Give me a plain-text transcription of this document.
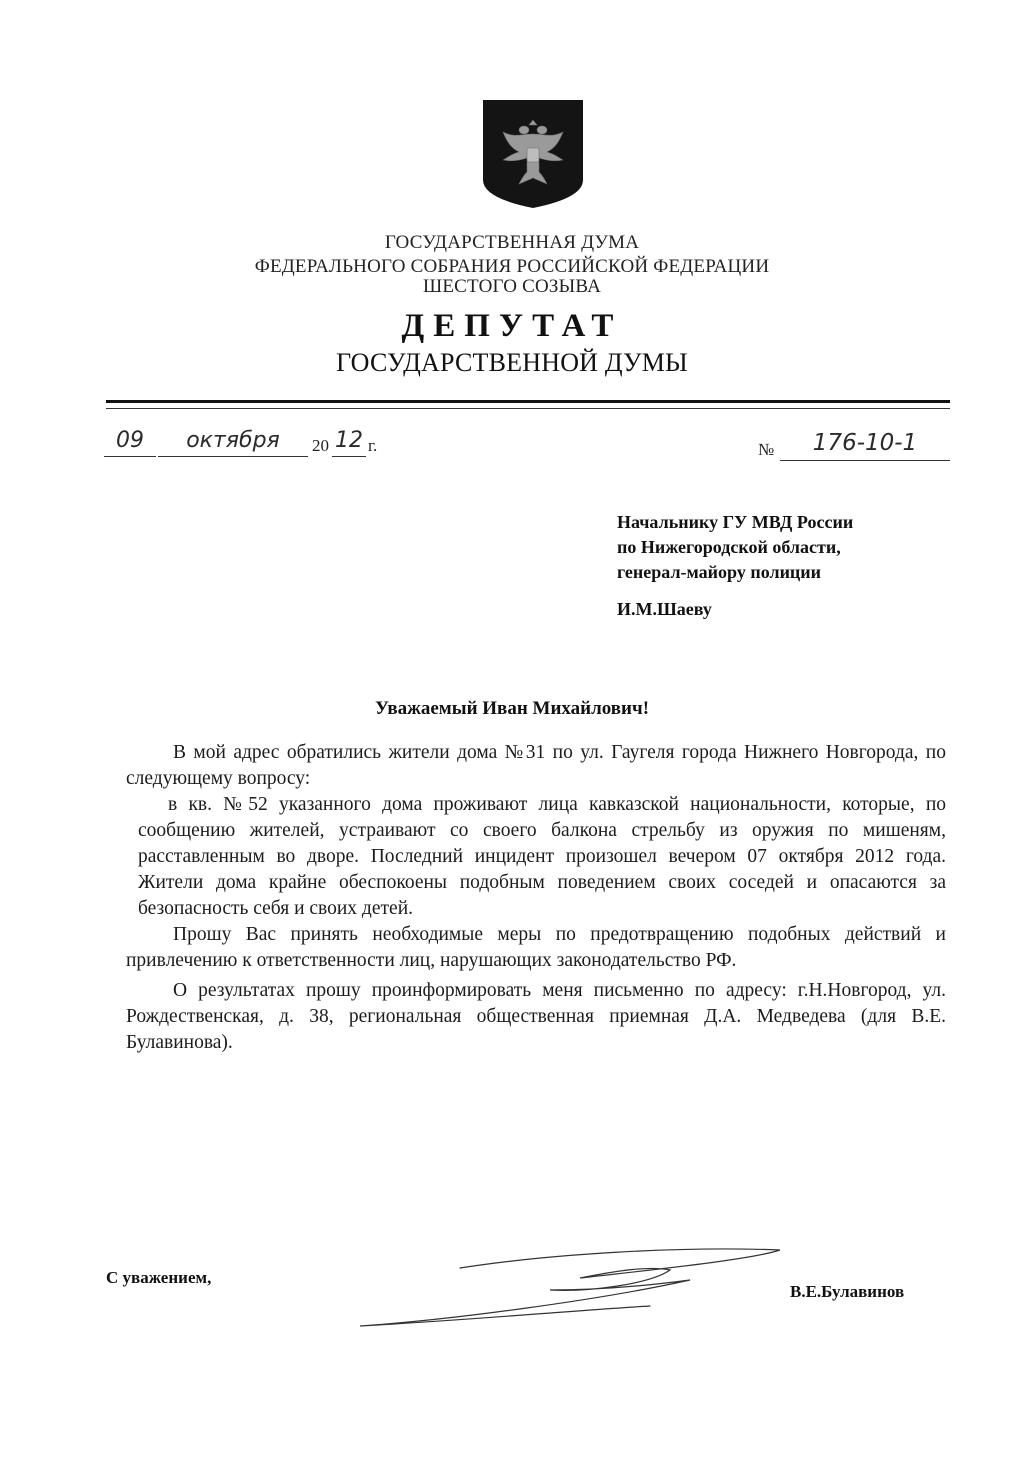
ГОСУДАРСТВЕННАЯ ДУМА
ФЕДЕРАЛЬНОГО СОБРАНИЯ РОССИЙСКОЙ ФЕДЕРАЦИИ
ШЕСТОГО СОЗЫВА
ДЕПУТАТ
ГОСУДАРСТВЕННОЙ ДУМЫ
09	октября	20 12 г.	№	176-10-1
Начальнику ГУ МВД России
по Нижегородской области,
генерал-майору полиции
И.М.Шаеву
Уважаемый Иван Михайлович!

В мой адрес обратились жители дома №31 по ул. Гаугеля города Нижнего Новгорода, по следующему вопросу:

в кв. №52 указанного дома проживают лица кавказской национальности, которые, по сообщению жителей, устраивают со своего балкона стрельбу из оружия по мишеням, расставленным во дворе. Последний инцидент произошел вечером 07 октября 2012 года. Жители дома крайне обеспокоены подобным поведением своих соседей и опасаются за безопасность себя и своих детей.

Прошу Вас принять необходимые меры по предотвращению подобных действий и привлечению к ответственности лиц, нарушающих законодательство РФ.

О результатах прошу проинформировать меня письменно по адресу: г.Н.Новгород, ул. Рождественская, д. 38, региональная общественная приемная Д.А. Медведева (для В.Е. Булавинова).

С уважением,
В.Е.Булавинов
